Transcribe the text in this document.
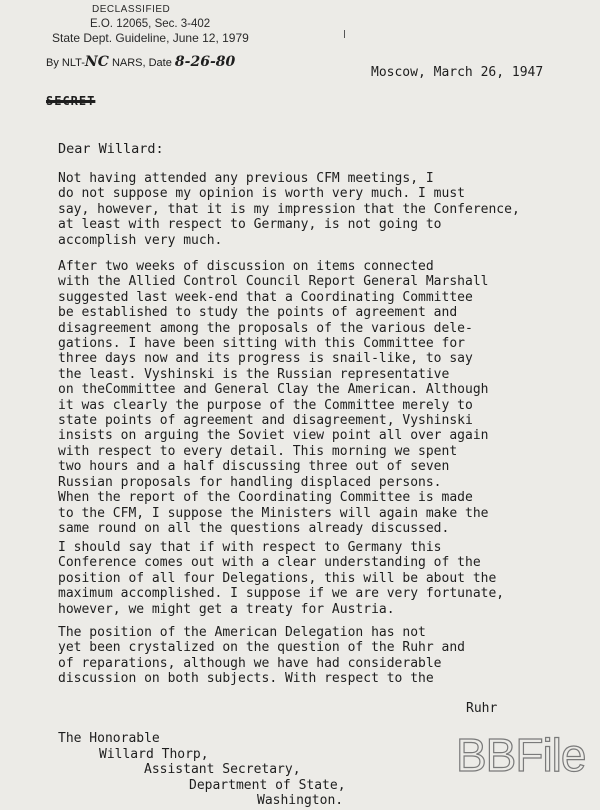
DECLASSIFIED
E.O. 12065, Sec. 3-402
State Dept. Guideline, June 12, 1979
By NLT-NC NARS, Date 8-26-80
Moscow, March 26, 1947
SECRET
Dear Willard:

Not having attended any previous CFM meetings, I

do not suppose my opinion is worth very much. I must

say, however, that it is my impression that the Conference,

at least with respect to Germany, is not going to

accomplish very much.

After two weeks of discussion on items connected

with the Allied Control Council Report General Marshall

suggested last week-end that a Coordinating Committee

be established to study the points of agreement and

disagreement among the proposals of the various dele-

gations. I have been sitting with this Committee for

three days now and its progress is snail-like, to say

the least. Vyshinski is the Russian representative

on theCommittee and General Clay the American. Although

it was clearly the purpose of the Committee merely to

state points of agreement and disagreement, Vyshinski

insists on arguing the Soviet view point all over again

with respect to every detail. This morning we spent

two hours and a half discussing three out of seven

Russian proposals for handling displaced persons.

When the report of the Coordinating Committee is made

to the CFM, I suppose the Ministers will again make the

same round on all the questions already discussed.

I should say that if with respect to Germany this

Conference comes out with a clear understanding of the

position of all four Delegations, this will be about the

maximum accomplished. I suppose if we are very fortunate,

however, we might get a treaty for Austria.

The position of the American Delegation has not

yet been crystalized on the question of the Ruhr and

of reparations, although we have had considerable

discussion on both subjects. With respect to the

Ruhr
The Honorable
Willard Thorp,
Assistant Secretary,
Department of State,
Washington.
BBFile
